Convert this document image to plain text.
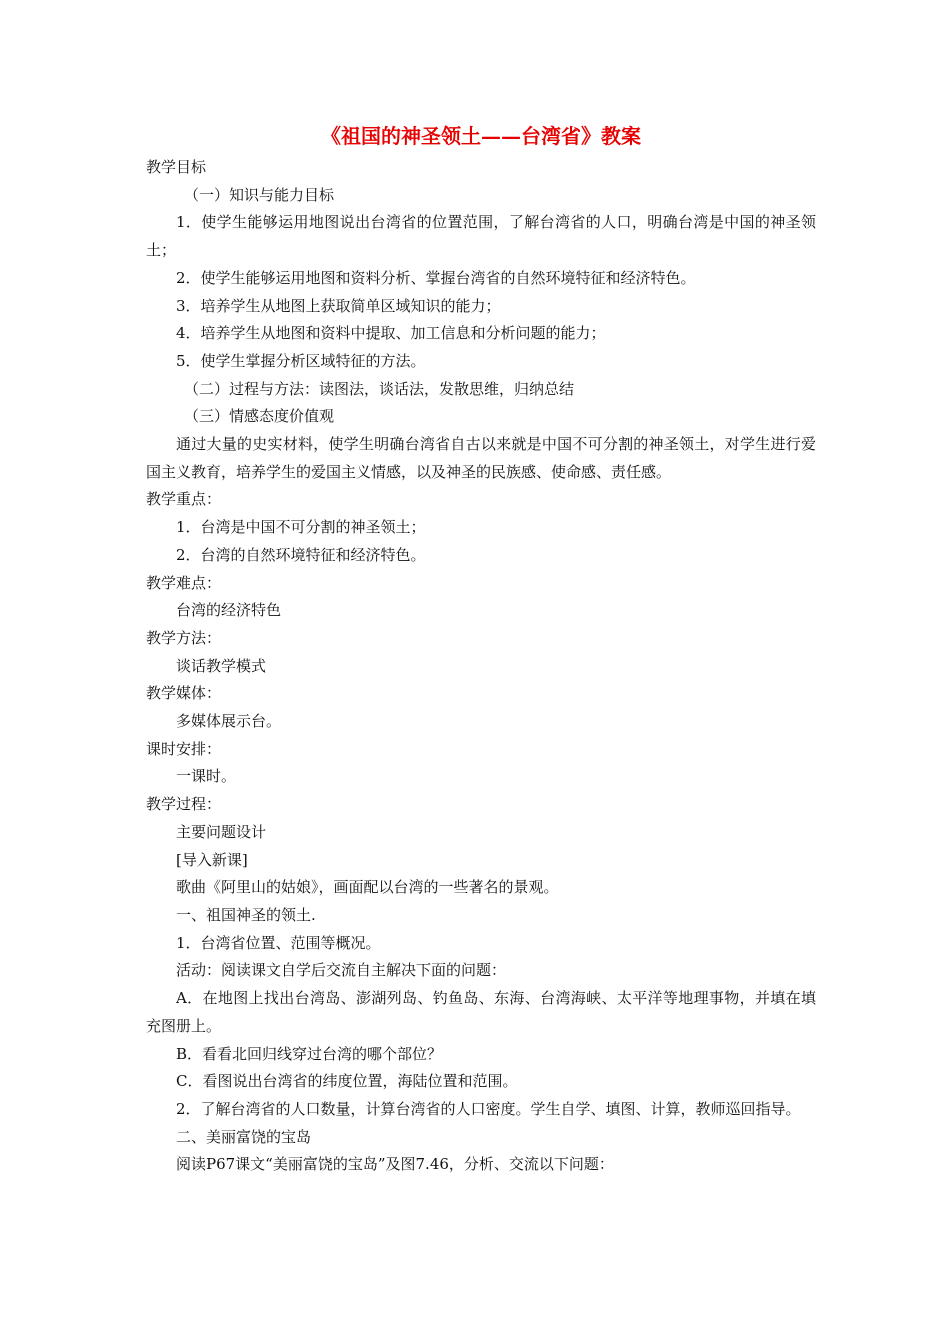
《祖国的神圣领土——台湾省》教案
教学目标
（一）知识与能力目标
1．使学生能够运用地图说出台湾省的位置范围，了解台湾省的人口，明确台湾是中国的神圣领土；
2．使学生能够运用地图和资料分析、掌握台湾省的自然环境特征和经济特色。
3．培养学生从地图上获取简单区域知识的能力；
4．培养学生从地图和资料中提取、加工信息和分析问题的能力；
5．使学生掌握分析区域特征的方法。
（二）过程与方法：读图法，谈话法，发散思维，归纳总结
（三）情感态度价值观
通过大量的史实材料，使学生明确台湾省自古以来就是中国不可分割的神圣领土，对学生进行爱国主义教育，培养学生的爱国主义情感，以及神圣的民族感、使命感、责任感。
教学重点：
1．台湾是中国不可分割的神圣领土；
2．台湾的自然环境特征和经济特色。
教学难点：
台湾的经济特色
教学方法：
谈话教学模式
教学媒体：
多媒体展示台。
课时安排：
一课时。
教学过程：
主要问题设计
[导入新课]
歌曲《阿里山的姑娘》，画面配以台湾的一些著名的景观。
一、祖国神圣的领土.
1．台湾省位置、范围等概况。
活动：阅读课文自学后交流自主解决下面的问题：
A．在地图上找出台湾岛、澎湖列岛、钓鱼岛、东海、台湾海峡、太平洋等地理事物，并填在填充图册上。
B．看看北回归线穿过台湾的哪个部位？
C．看图说出台湾省的纬度位置，海陆位置和范围。
2．了解台湾省的人口数量，计算台湾省的人口密度。学生自学、填图、计算，教师巡回指导。
二、美丽富饶的宝岛
阅读P67课文“美丽富饶的宝岛”及图7.46，分析、交流以下问题：
